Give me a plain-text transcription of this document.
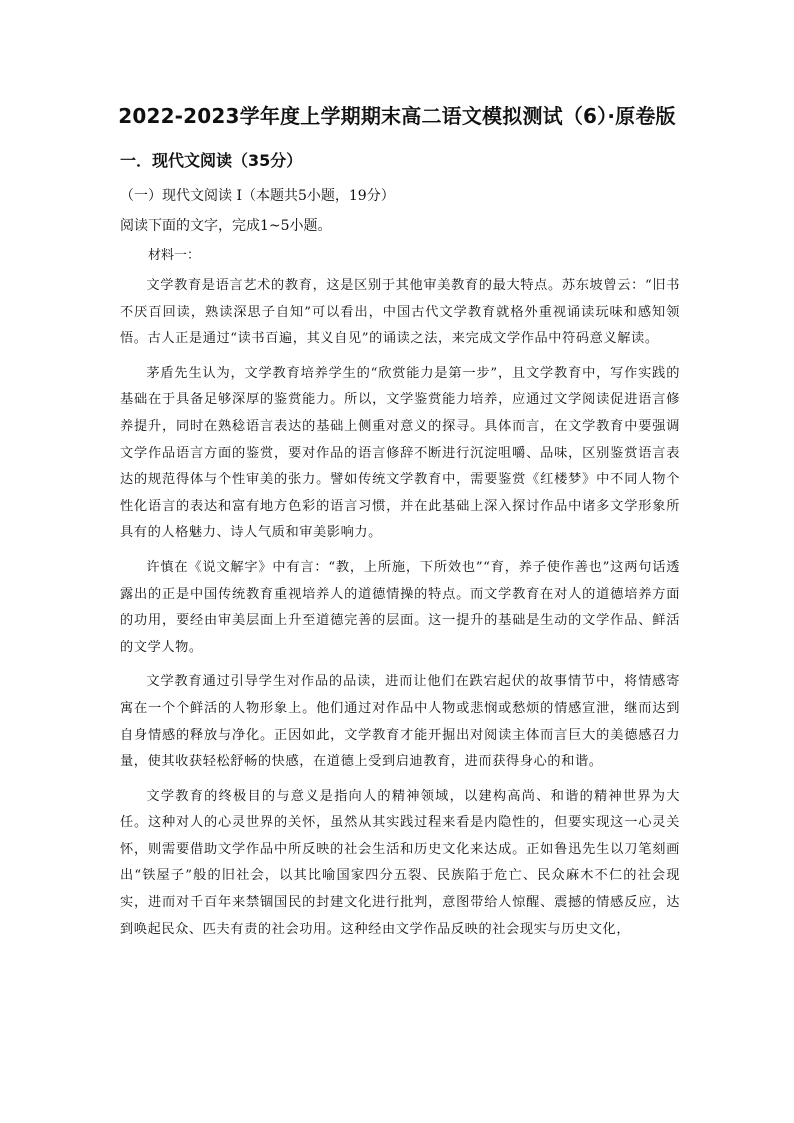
2022-2023学年度上学期期末高二语文模拟测试（6）·原卷版
一．现代文阅读（35分）

（一）现代文阅读 I（本题共5小题，19分）

阅读下面的文字，完成1~5小题。

材料一：

文学教育是语言艺术的教育，这是区别于其他审美教育的最大特点。苏东坡曾云：“旧书不厌百回读，熟读深思子自知”可以看出，中国古代文学教育就格外重视诵读玩味和感知领悟。古人正是通过“读书百遍，其义自见”的诵读之法，来完成文学作品中符码意义解读。

茅盾先生认为，文学教育培养学生的“欣赏能力是第一步”，且文学教育中，写作实践的基础在于具备足够深厚的鉴赏能力。所以，文学鉴赏能力培养，应通过文学阅读促进语言修养提升，同时在熟稔语言表达的基础上侧重对意义的探寻。具体而言，在文学教育中要强调文学作品语言方面的鉴赏，要对作品的语言修辞不断进行沉淀咀嚼、品味，区别鉴赏语言表达的规范得体与个性审美的张力。譬如传统文学教育中，需要鉴赏《红楼梦》中不同人物个性化语言的表达和富有地方色彩的语言习惯，并在此基础上深入探讨作品中诸多文学形象所具有的人格魅力、诗人气质和审美影响力。

许慎在《说文解字》中有言：“教，上所施，下所效也”“育，养子使作善也”这两句话透露出的正是中国传统教育重视培养人的道德情操的特点。而文学教育在对人的道德培养方面的功用，要经由审美层面上升至道德完善的层面。这一提升的基础是生动的文学作品、鲜活的文学人物。

文学教育通过引导学生对作品的品读，进而让他们在跌宕起伏的故事情节中，将情感寄寓在一个个鲜活的人物形象上。他们通过对作品中人物或悲悯或愁烦的情感宣泄，继而达到自身情感的释放与净化。正因如此，文学教育才能开掘出对阅读主体而言巨大的美德感召力量，使其收获轻松舒畅的快感，在道德上受到启迪教育，进而获得身心的和谐。

文学教育的终极目的与意义是指向人的精神领域，以建构高尚、和谐的精神世界为大任。这种对人的心灵世界的关怀，虽然从其实践过程来看是内隐性的，但要实现这一心灵关怀，则需要借助文学作品中所反映的社会生活和历史文化来达成。正如鲁迅先生以刀笔刻画出“铁屋子”般的旧社会，以其比喻国家四分五裂、民族陷于危亡、民众麻木不仁的社会现实，进而对千百年来禁锢国民的封建文化进行批判，意图带给人惊醒、震撼的情感反应，达到唤起民众、匹夫有责的社会功用。这种经由文学作品反映的社会现实与历史文化，
